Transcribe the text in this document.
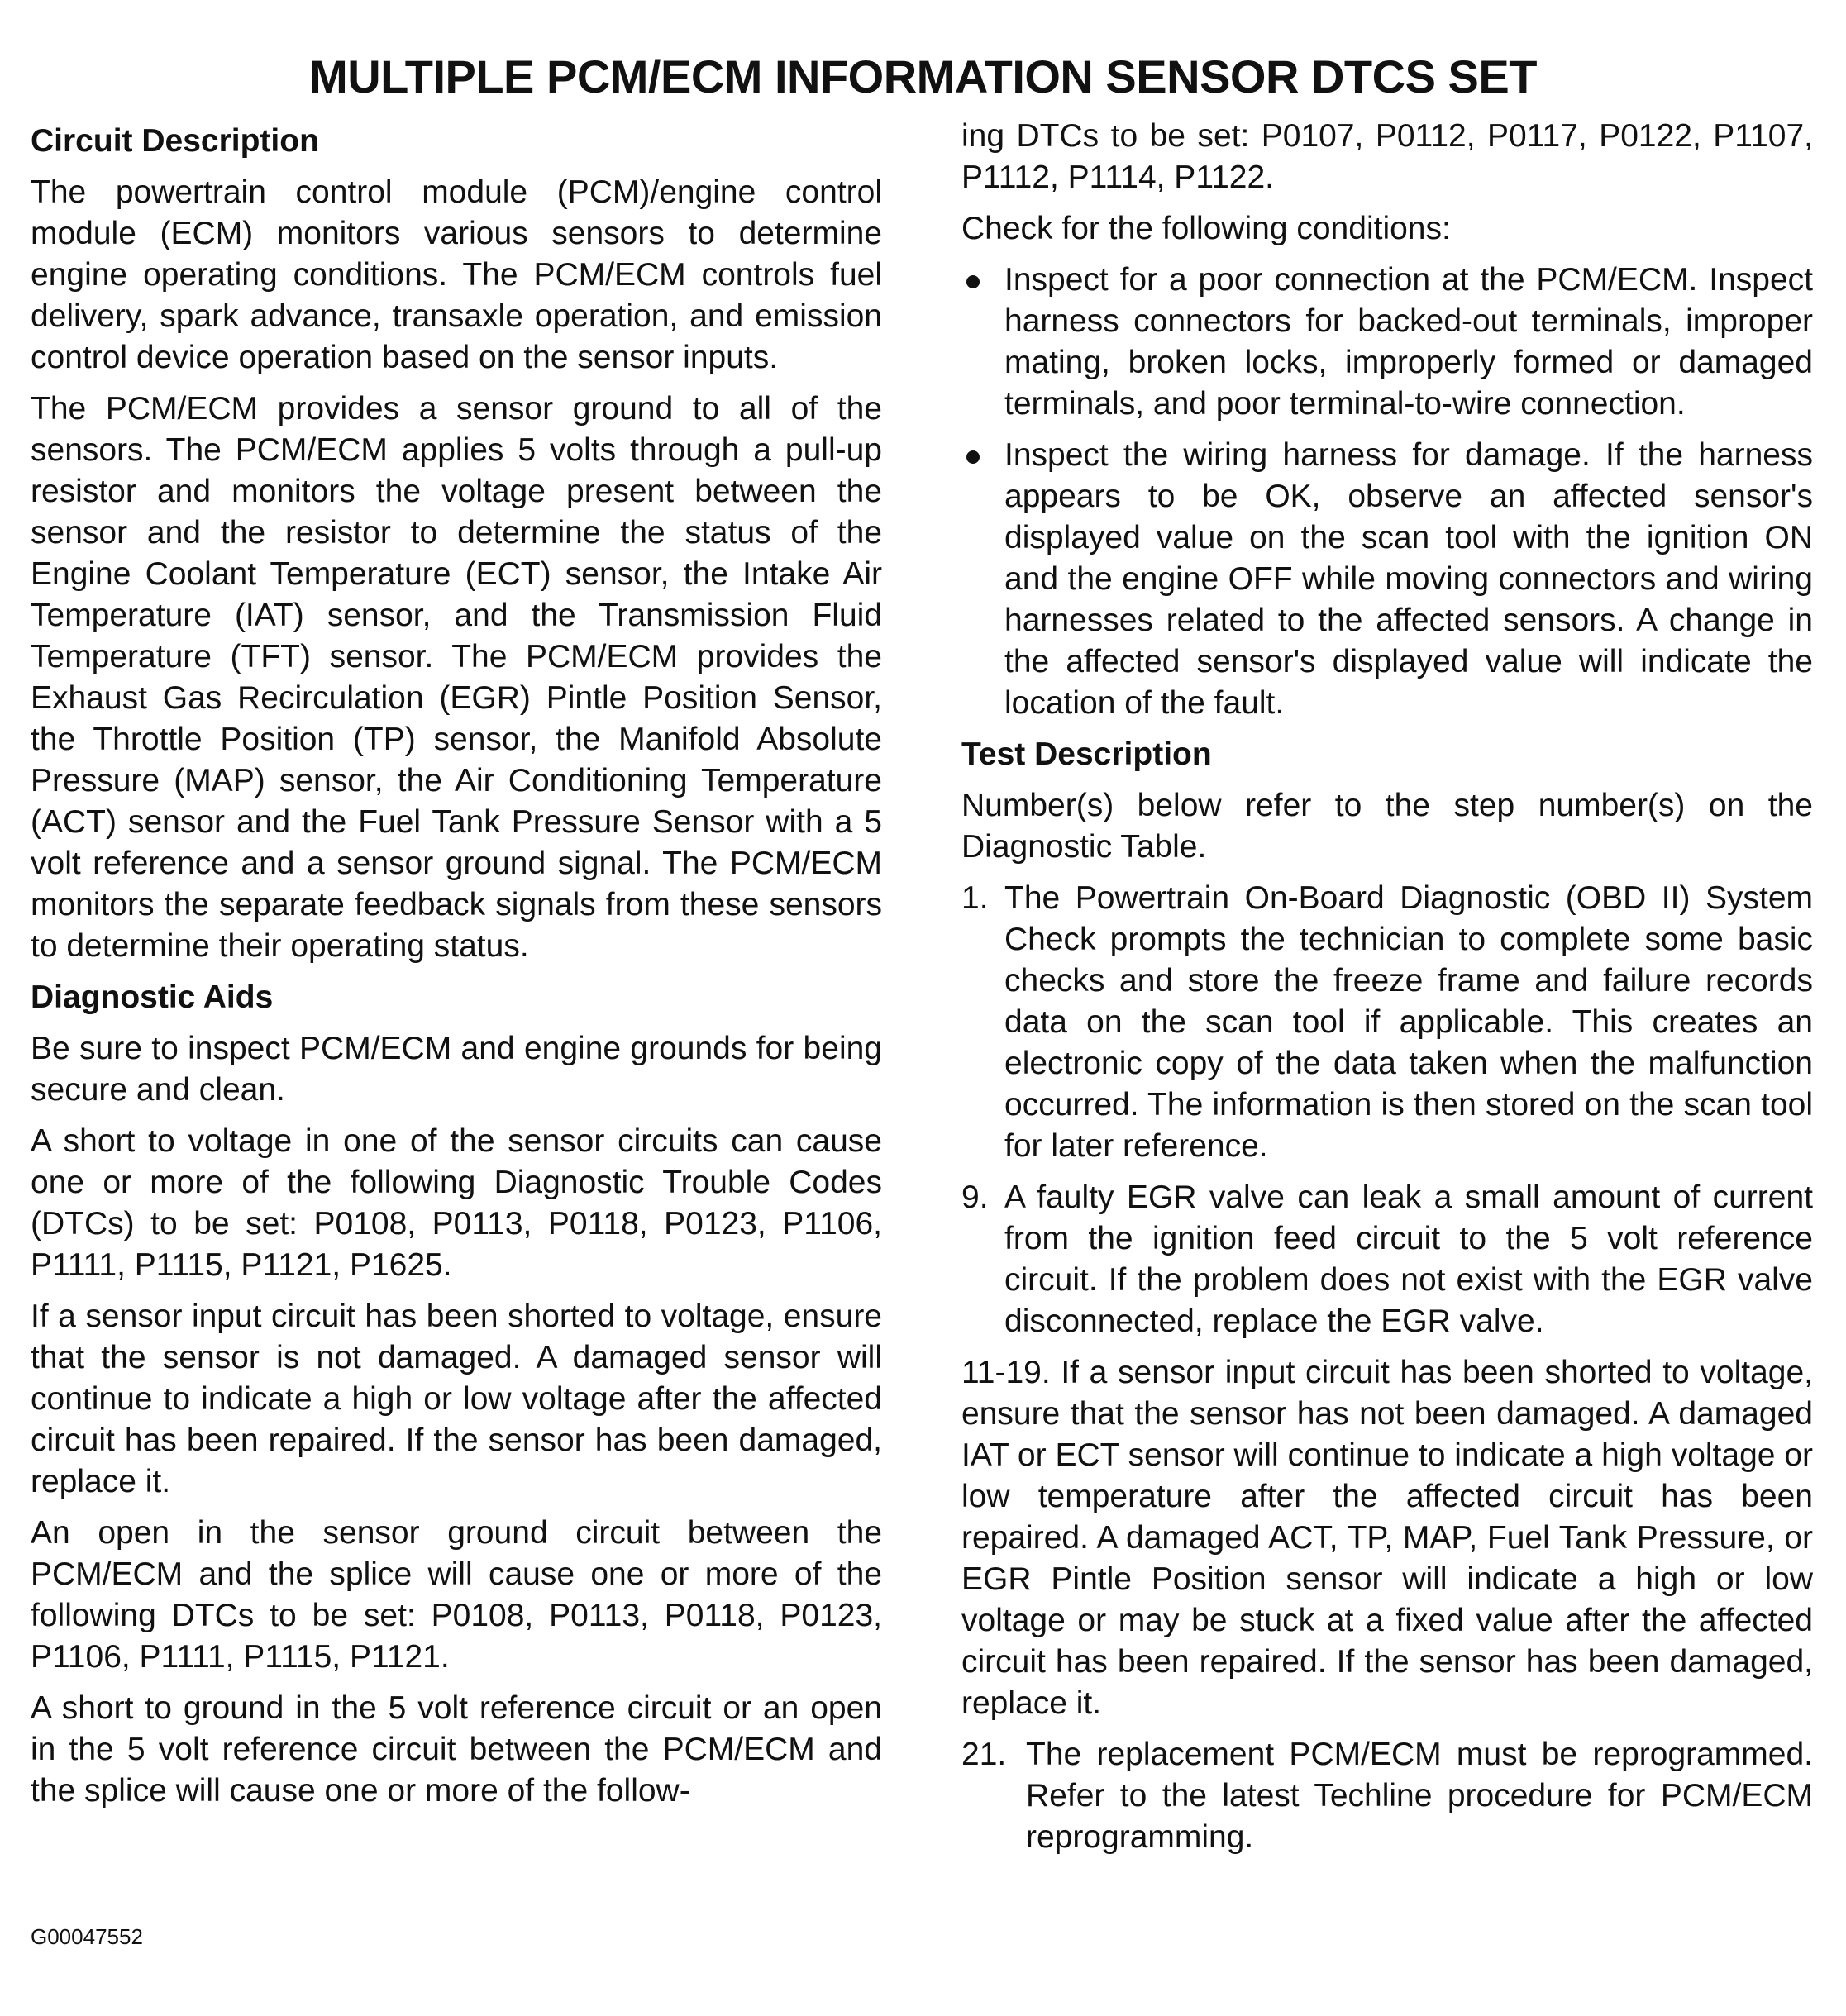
MULTIPLE PCM/ECM INFORMATION SENSOR DTCS SET
Circuit Description

The powertrain control module (PCM)/engine control module (ECM) monitors various sensors to determine engine operating conditions. The PCM/ECM controls fuel delivery, spark advance, transaxle operation, and emission control device operation based on the sensor inputs.

The PCM/ECM provides a sensor ground to all of the sensors. The PCM/ECM applies 5 volts through a pull-up resistor and monitors the voltage present between the sensor and the resistor to determine the status of the Engine Coolant Temperature (ECT) sensor, the Intake Air Temperature (IAT) sensor, and the Transmission Fluid Temperature (TFT) sensor. The PCM/ECM provides the Exhaust Gas Recirculation (EGR) Pintle Position Sensor, the Throttle Position (TP) sensor, the Manifold Absolute Pressure (MAP) sensor, the Air Conditioning Temperature (ACT) sensor and the Fuel Tank Pressure Sensor with a 5 volt reference and a sensor ground signal. The PCM/ECM monitors the separate feedback signals from these sensors to determine their operating status.

Diagnostic Aids

Be sure to inspect PCM/ECM and engine grounds for being secure and clean.

A short to voltage in one of the sensor circuits can cause one or more of the following Diagnostic Trouble Codes (DTCs) to be set: P0108, P0113, P0118, P0123, P1106, P1111, P1115, P1121, P1625.

If a sensor input circuit has been shorted to voltage, ensure that the sensor is not damaged. A damaged sensor will continue to indicate a high or low voltage after the affected circuit has been repaired. If the sensor has been damaged, replace it.

An open in the sensor ground circuit between the PCM/ECM and the splice will cause one or more of the following DTCs to be set: P0108, P0113, P0118, P0123, P1106, P1111, P1115, P1121.

A short to ground in the 5 volt reference circuit or an open in the 5 volt reference circuit between the PCM/ECM and the splice will cause one or more of the follow-

ing DTCs to be set: P0107, P0112, P0117, P0122, P1107, P1112, P1114, P1122.

Check for the following conditions:

Inspect for a poor connection at the PCM/ECM. Inspect harness connectors for backed-out terminals, improper mating, broken locks, improperly formed or damaged terminals, and poor terminal-to-wire connection.
Inspect the wiring harness for damage. If the harness appears to be OK, observe an affected sensor's displayed value on the scan tool with the ignition ON and the engine OFF while moving connectors and wiring harnesses related to the affected sensors. A change in the affected sensor's displayed value will indicate the location of the fault.
Test Description

Number(s) below refer to the step number(s) on the Diagnostic Table.

1. The Powertrain On-Board Diagnostic (OBD II) System Check prompts the technician to complete some basic checks and store the freeze frame and failure records data on the scan tool if applicable. This creates an electronic copy of the data taken when the malfunction occurred. The information is then stored on the scan tool for later reference.
9. A faulty EGR valve can leak a small amount of current from the ignition feed circuit to the 5 volt reference circuit. If the problem does not exist with the EGR valve disconnected, replace the EGR valve.

11-19. If a sensor input circuit has been shorted to voltage, ensure that the sensor has not been damaged. A damaged IAT or ECT sensor will continue to indicate a high voltage or low temperature after the affected circuit has been repaired. A damaged ACT, TP, MAP, Fuel Tank Pressure, or EGR Pintle Position sensor will indicate a high or low voltage or may be stuck at a fixed value after the affected circuit has been repaired. If the sensor has been damaged, replace it.

21. The replacement PCM/ECM must be reprogrammed. Refer to the latest Techline procedure for PCM/ECM reprogramming.
G00047552
